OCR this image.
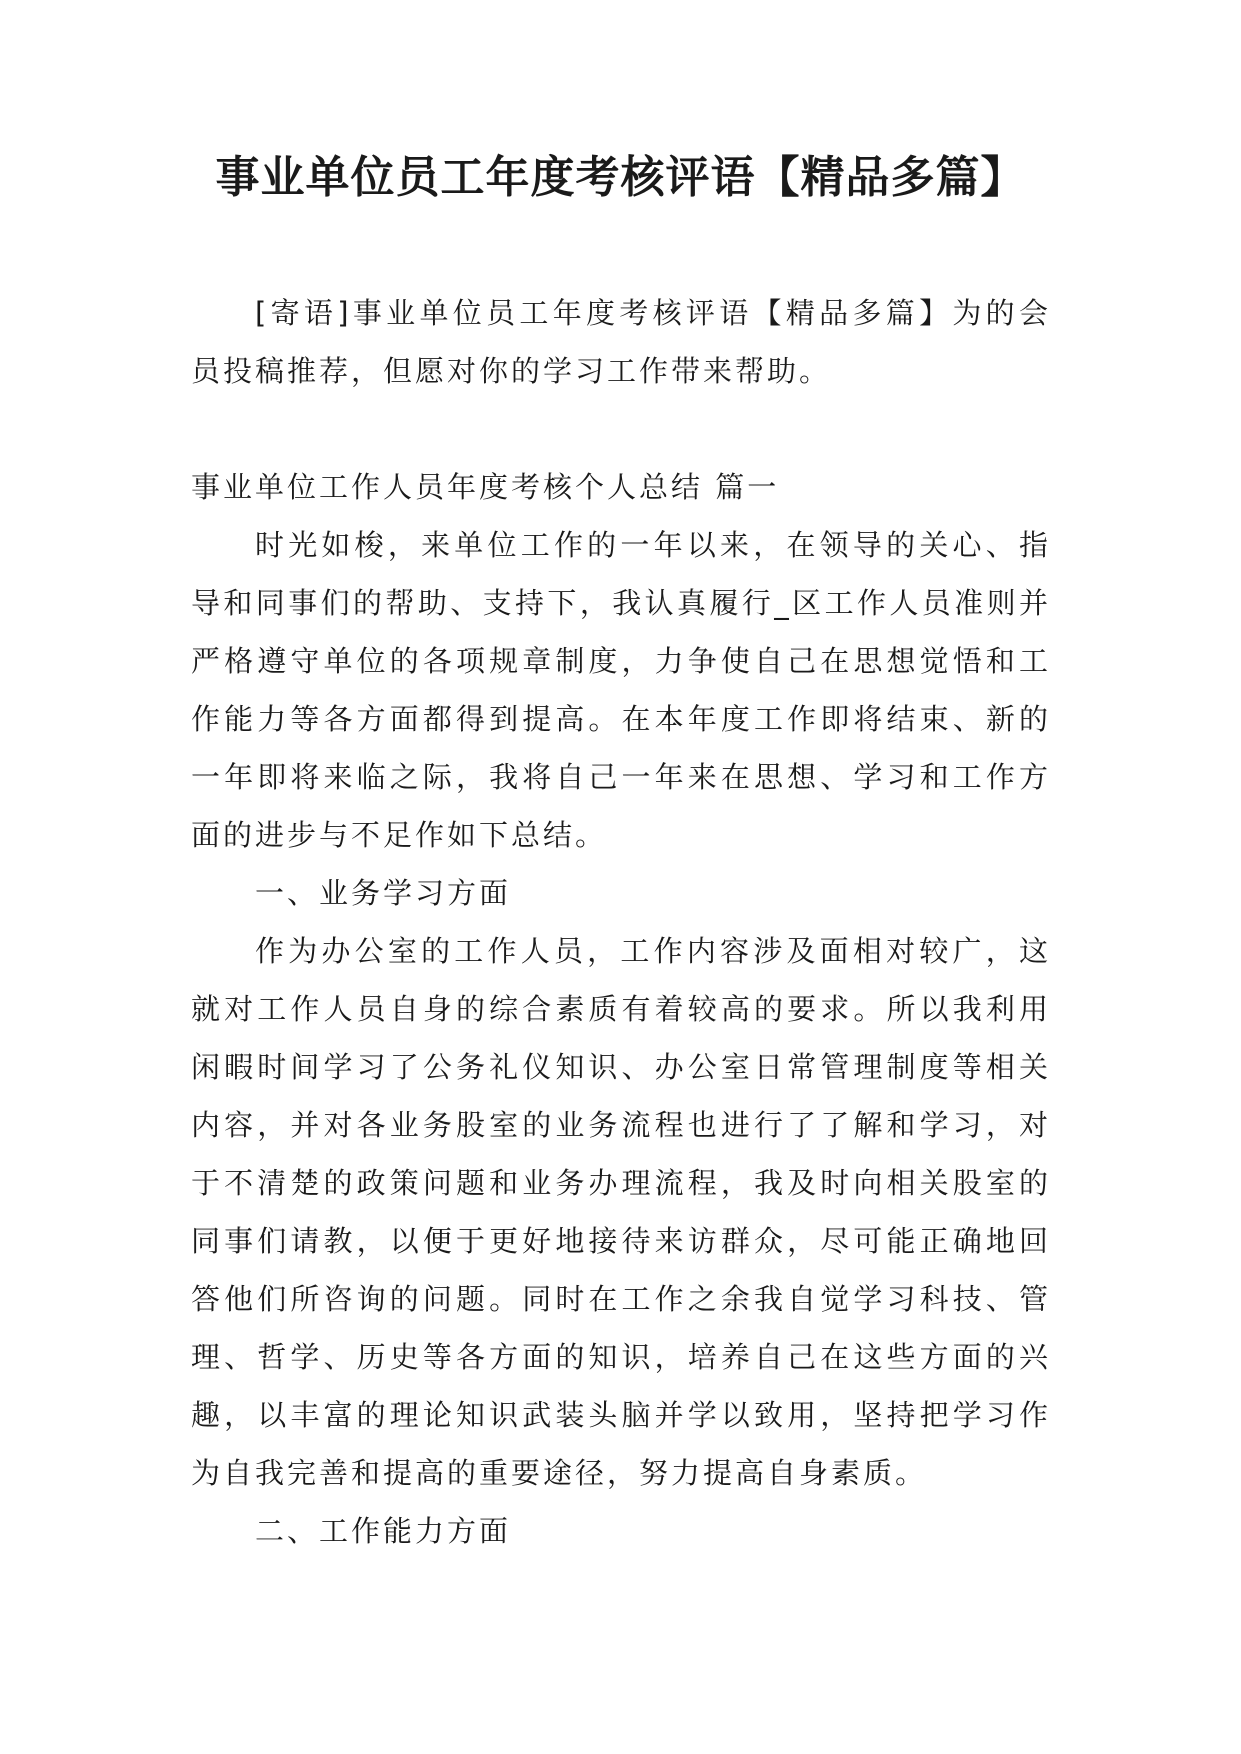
事业单位员工年度考核评语【精品多篇】

[寄语]事业单位员工年度考核评语【精品多篇】为的会员投稿推荐，但愿对你的学习工作带来帮助。

事业单位工作人员年度考核个人总结 篇一

时光如梭，来单位工作的一年以来，在领导的关心、指导和同事们的帮助、支持下，我认真履行_区工作人员准则并严格遵守单位的各项规章制度，力争使自己在思想觉悟和工作能力等各方面都得到提高。在本年度工作即将结束、新的一年即将来临之际，我将自己一年来在思想、学习和工作方面的进步与不足作如下总结。

一、业务学习方面

作为办公室的工作人员，工作内容涉及面相对较广，这就对工作人员自身的综合素质有着较高的要求。所以我利用闲暇时间学习了公务礼仪知识、办公室日常管理制度等相关内容，并对各业务股室的业务流程也进行了了解和学习，对于不清楚的政策问题和业务办理流程，我及时向相关股室的同事们请教，以便于更好地接待来访群众，尽可能正确地回答他们所咨询的问题。同时在工作之余我自觉学习科技、管理、哲学、历史等各方面的知识，培养自己在这些方面的兴趣，以丰富的理论知识武装头脑并学以致用，坚持把学习作为自我完善和提高的重要途径，努力提高自身素质。

二、工作能力方面
